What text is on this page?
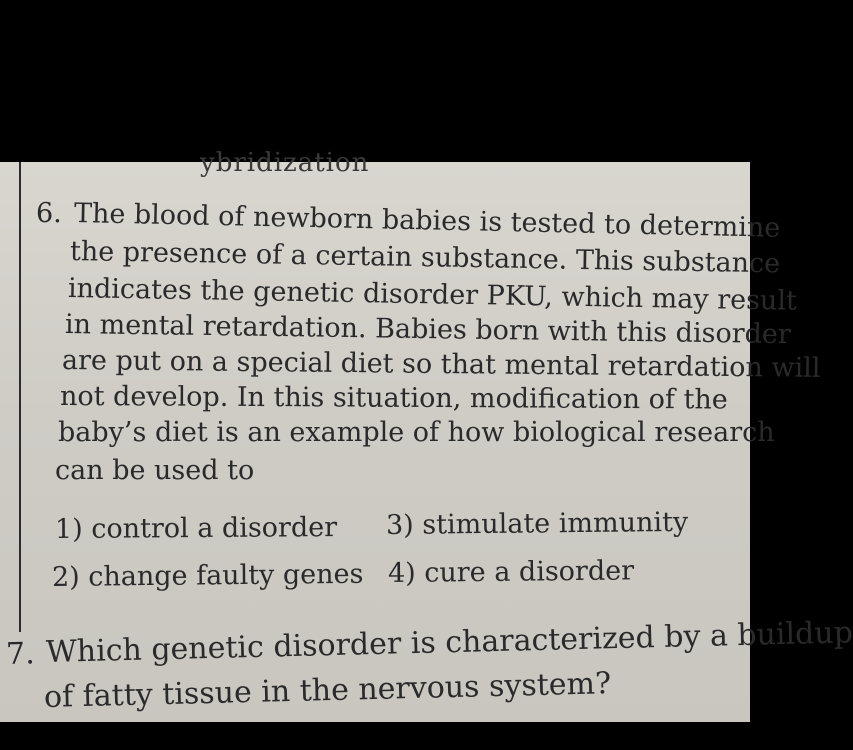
ybridization
6. The blood of newborn babies is tested to determine
the presence of a certain substance. This substance
indicates the genetic disorder PKU, which may result
in mental retardation. Babies born with this disorder
are put on a special diet so that mental retardation will
not develop. In this situation, modification of the
baby’s diet is an example of how biological research
can be used to
1) control a disorder 3) stimulate immunity
2) change faulty genes 4) cure a disorder
7. Which genetic disorder is characterized by a buildup
of fatty tissue in the nervous system?
